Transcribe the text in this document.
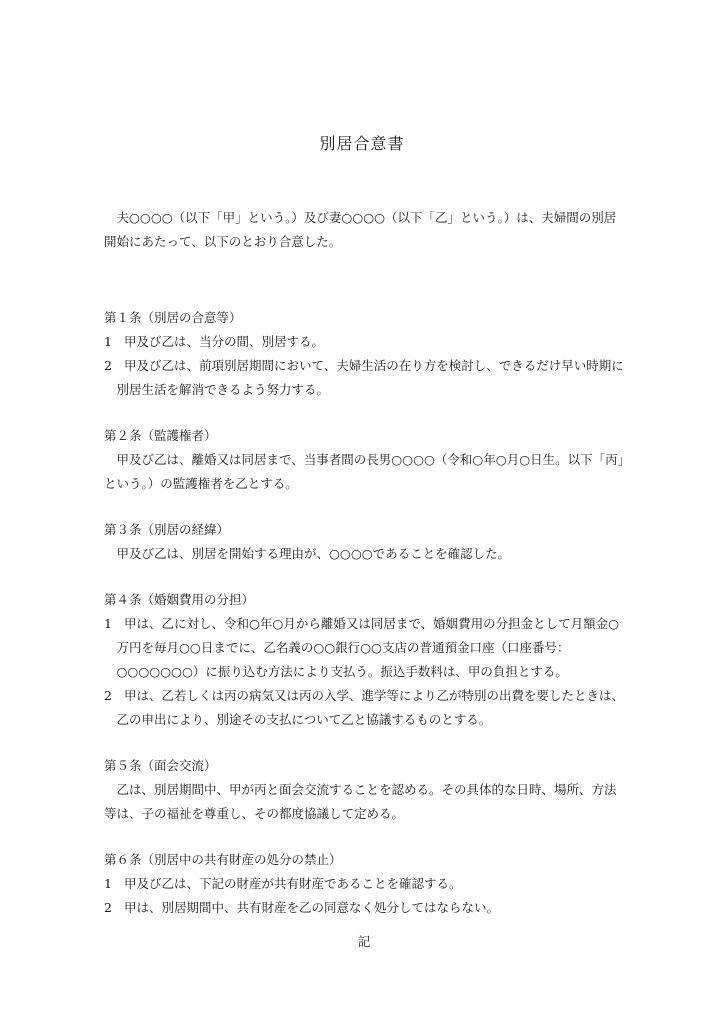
別居合意書

夫○○○○（以下「甲」という。）及び妻○○○○（以下「乙」という。）は、夫婦間の別居開始にあたって、以下のとおり合意した。

第１条（別居の合意等）

1 甲及び乙は、当分の間、別居する。

2 甲及び乙は、前項別居期間において、夫婦生活の在り方を検討し、できるだけ早い時期に別居生活を解消できるよう努力する。

第２条（監護権者）

甲及び乙は、離婚又は同居まで、当事者間の長男○○○○（令和○年○月○日生。以下「丙」という。）の監護権者を乙とする。

第３条（別居の経緯）

甲及び乙は、別居を開始する理由が、○○○○であることを確認した。

第４条（婚姻費用の分担）

1 甲は、乙に対し、令和○年○月から離婚又は同居まで、婚姻費用の分担金として月額金○万円を毎月○○日までに、乙名義の○○銀行○○支店の普通預金口座（口座番号：○○○○○○○）に振り込む方法により支払う。振込手数料は、甲の負担とする。

2 甲は、乙若しくは丙の病気又は丙の入学、進学等により乙が特別の出費を要したときは、乙の申出により、別途その支払について乙と協議するものとする。

第５条（面会交流）

乙は、別居期間中、甲が丙と面会交流することを認める。その具体的な日時、場所、方法等は、子の福祉を尊重し、その都度協議して定める。

第６条（別居中の共有財産の処分の禁止）

1 甲及び乙は、下記の財産が共有財産であることを確認する。

2 甲は、別居期間中、共有財産を乙の同意なく処分してはならない。

記
